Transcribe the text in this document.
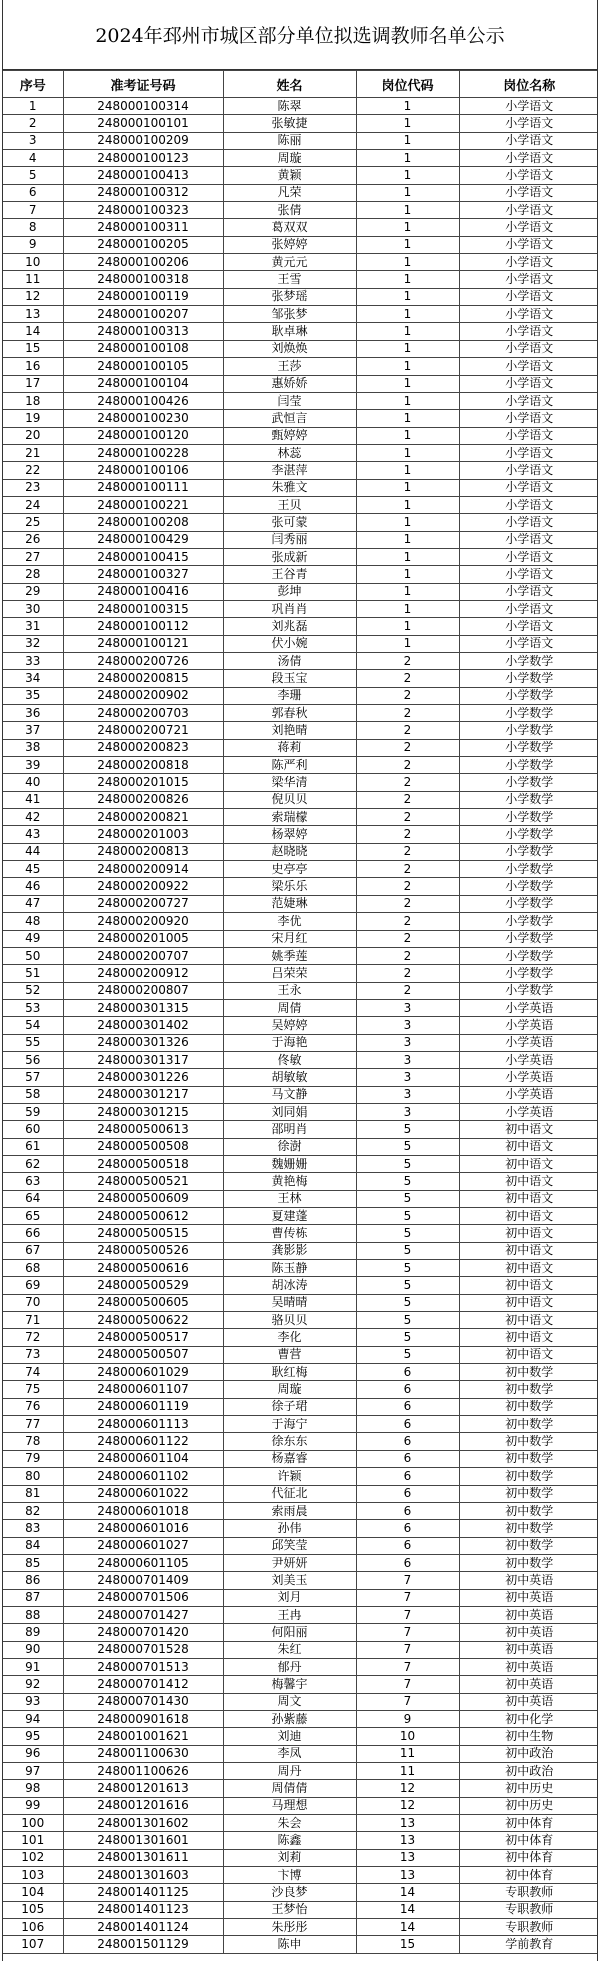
2024年邳州市城区部分单位拟选调教师名单公示
序号	准考证号码	姓名	岗位代码	岗位名称
1	248000100314	陈翠	1	小学语文
2	248000100101	张敏捷	1	小学语文
3	248000100209	陈丽	1	小学语文
4	248000100123	周璇	1	小学语文
5	248000100413	黄颖	1	小学语文
6	248000100312	凡荣	1	小学语文
7	248000100323	张倩	1	小学语文
8	248000100311	葛双双	1	小学语文
9	248000100205	张婷婷	1	小学语文
10	248000100206	黄元元	1	小学语文
11	248000100318	王雪	1	小学语文
12	248000100119	张梦瑶	1	小学语文
13	248000100207	邹张梦	1	小学语文
14	248000100313	耿卓琳	1	小学语文
15	248000100108	刘焕焕	1	小学语文
16	248000100105	王莎	1	小学语文
17	248000100104	惠娇娇	1	小学语文
18	248000100426	闫莹	1	小学语文
19	248000100230	武恒言	1	小学语文
20	248000100120	甄婷婷	1	小学语文
21	248000100228	林蕊	1	小学语文
22	248000100106	李湛萍	1	小学语文
23	248000100111	朱雅文	1	小学语文
24	248000100221	王贝	1	小学语文
25	248000100208	张可蒙	1	小学语文
26	248000100429	闫秀丽	1	小学语文
27	248000100415	张成新	1	小学语文
28	248000100327	王谷青	1	小学语文
29	248000100416	彭坤	1	小学语文
30	248000100315	巩肖肖	1	小学语文
31	248000100112	刘兆磊	1	小学语文
32	248000100121	伏小婉	1	小学语文
33	248000200726	汤倩	2	小学数学
34	248000200815	段玉宝	2	小学数学
35	248000200902	李珊	2	小学数学
36	248000200703	郭春秋	2	小学数学
37	248000200721	刘艳晴	2	小学数学
38	248000200823	蒋莉	2	小学数学
39	248000200818	陈严利	2	小学数学
40	248000201015	梁华清	2	小学数学
41	248000200826	倪贝贝	2	小学数学
42	248000200821	索瑞檬	2	小学数学
43	248000201003	杨翠婷	2	小学数学
44	248000200813	赵晓晓	2	小学数学
45	248000200914	史亭亭	2	小学数学
46	248000200922	梁乐乐	2	小学数学
47	248000200727	范婕琳	2	小学数学
48	248000200920	李优	2	小学数学
49	248000201005	宋月红	2	小学数学
50	248000200707	姚季莲	2	小学数学
51	248000200912	吕荣荣	2	小学数学
52	248000200807	王永	2	小学数学
53	248000301315	周倩	3	小学英语
54	248000301402	吴婷婷	3	小学英语
55	248000301326	于海艳	3	小学英语
56	248000301317	佟敏	3	小学英语
57	248000301226	胡敏敏	3	小学英语
58	248000301217	马文静	3	小学英语
59	248000301215	刘同娟	3	小学英语
60	248000500613	邵明肖	5	初中语文
61	248000500508	徐澍	5	初中语文
62	248000500518	魏姗姗	5	初中语文
63	248000500521	黄艳梅	5	初中语文
64	248000500609	王林	5	初中语文
65	248000500612	夏建蓬	5	初中语文
66	248000500515	曹传栋	5	初中语文
67	248000500526	龚影影	5	初中语文
68	248000500616	陈玉静	5	初中语文
69	248000500529	胡冰涛	5	初中语文
70	248000500605	吴晴晴	5	初中语文
71	248000500622	骆贝贝	5	初中语文
72	248000500517	李化	5	初中语文
73	248000500507	曹营	5	初中语文
74	248000601029	耿红梅	6	初中数学
75	248000601107	周璇	6	初中数学
76	248000601119	徐子珺	6	初中数学
77	248000601113	于海宁	6	初中数学
78	248000601122	徐东东	6	初中数学
79	248000601104	杨嘉睿	6	初中数学
80	248000601102	许颖	6	初中数学
81	248000601022	代征北	6	初中数学
82	248000601018	索雨晨	6	初中数学
83	248000601016	孙伟	6	初中数学
84	248000601027	邱笑莹	6	初中数学
85	248000601105	尹妍妍	6	初中数学
86	248000701409	刘美玉	7	初中英语
87	248000701506	刘月	7	初中英语
88	248000701427	王冉	7	初中英语
89	248000701420	何阳丽	7	初中英语
90	248000701528	朱红	7	初中英语
91	248000701513	郁丹	7	初中英语
92	248000701412	梅馨宇	7	初中英语
93	248000701430	周文	7	初中英语
94	248000901618	孙紫藤	9	初中化学
95	248001001621	刘迪	10	初中生物
96	248001100630	李凤	11	初中政治
97	248001100626	周丹	11	初中政治
98	248001201613	周倩倩	12	初中历史
99	248001201616	马理想	12	初中历史
100	248001301602	朱会	13	初中体育
101	248001301601	陈鑫	13	初中体育
102	248001301611	刘莉	13	初中体育
103	248001301603	卞博	13	初中体育
104	248001401125	沙良梦	14	专职教师
105	248001401123	王梦怡	14	专职教师
106	248001401124	朱彤彤	14	专职教师
107	248001501129	陈申	15	学前教育
